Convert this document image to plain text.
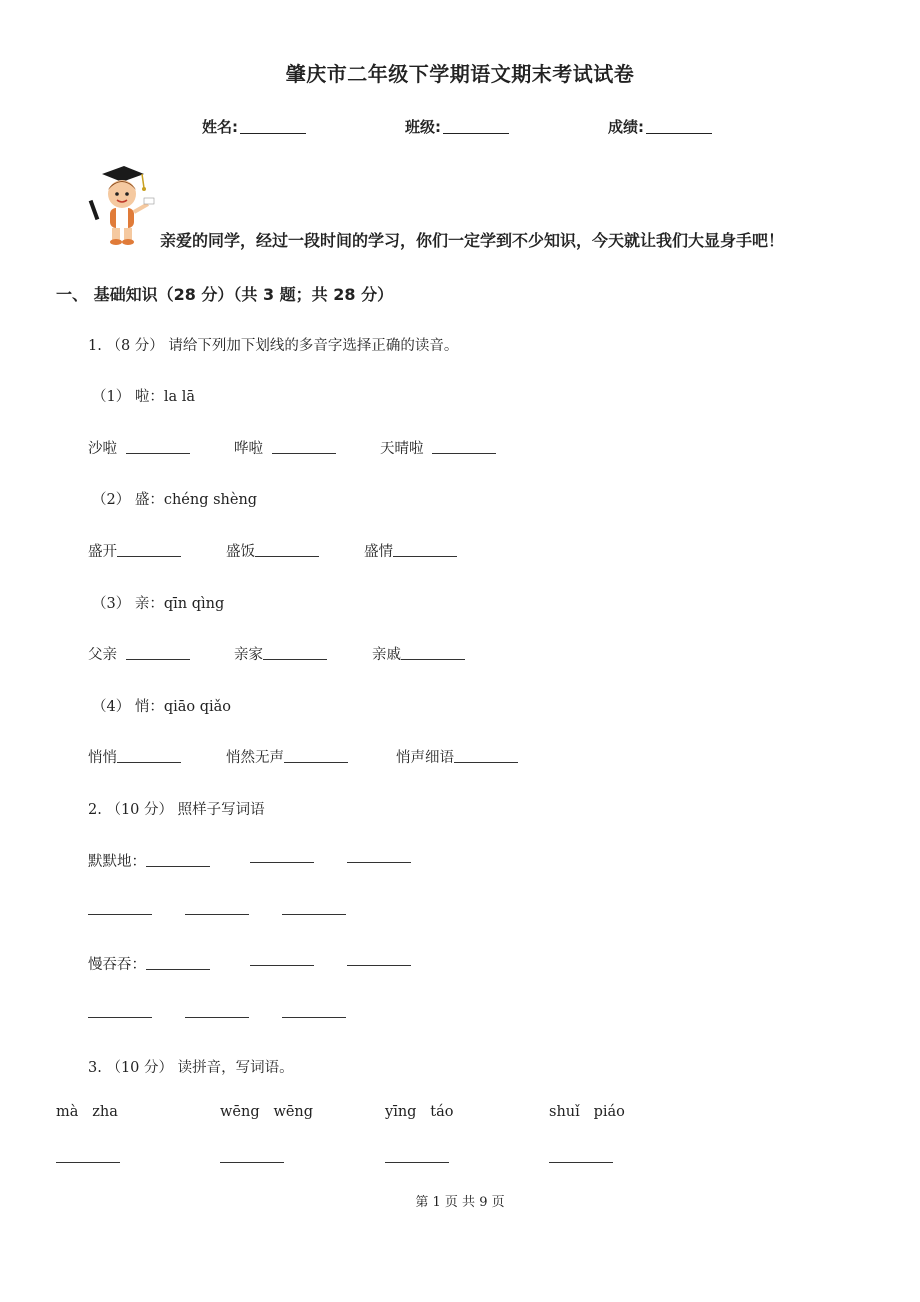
肇庆市二年级下学期语文期末考试试卷
姓名:	班级:	成绩:
亲爱的同学，经过一段时间的学习，你们一定学到不少知识，今天就让我们大显身手吧！
一、 基础知识（28 分）（共 3 题；共 28 分）
1. （8 分） 请给下列加下划线的多音字选择正确的读音。
（1） 啦：la lā
沙啦	哗啦	天晴啦
（2） 盛：chéng shèng
盛开	盛饭	盛情
（3） 亲：qīn qìng
父亲	亲家	亲戚
（4） 悄：qiāo qiǎo
悄悄	悄然无声	悄声细语
2. （10 分） 照样子写词语
默默地：
慢吞吞：
3. （10 分） 读拼音，写词语。
mà   zha	wēng   wēng	yīng   táo	shuǐ   piáo
第 1 页 共 9 页
